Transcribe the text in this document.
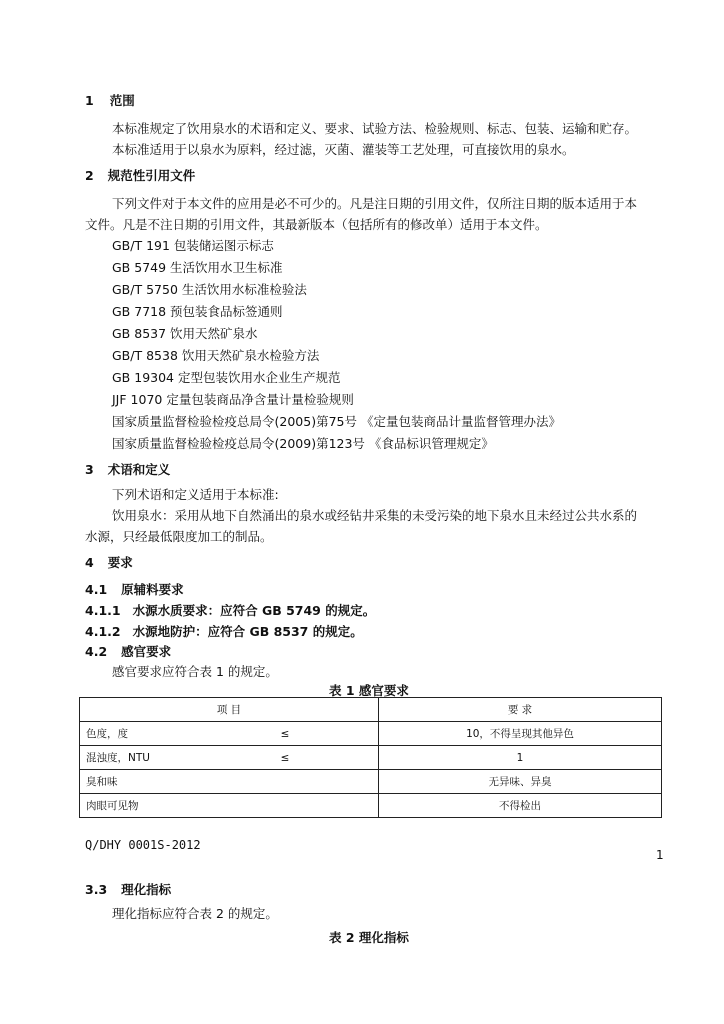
1 范围
本标准规定了饮用泉水的术语和定义、要求、试验方法、检验规则、标志、包装、运输和贮存。
本标准适用于以泉水为原料，经过滤，灭菌、灌装等工艺处理，可直接饮用的泉水。
2 规范性引用文件
下列文件对于本文件的应用是必不可少的。凡是注日期的引用文件，仅所注日期的版本适用于本
文件。凡是不注日期的引用文件，其最新版本（包括所有的修改单）适用于本文件。
GB/T 191 包装储运图示标志
GB 5749 生活饮用水卫生标准
GB/T 5750 生活饮用水标准检验法
GB 7718 预包装食品标签通则
GB 8537 饮用天然矿泉水
GB/T 8538 饮用天然矿泉水检验方法
GB 19304 定型包装饮用水企业生产规范
JJF 1070 定量包装商品净含量计量检验规则
国家质量监督检验检疫总局令(2005)第75号 《定量包装商品计量监督管理办法》
国家质量监督检验检疫总局令(2009)第123号 《食品标识管理规定》
3 术语和定义
下列术语和定义适用于本标准:
饮用泉水：采用从地下自然涌出的泉水或经钻井采集的未受污染的地下泉水且未经过公共水系的
水源，只经最低限度加工的制品。
4 要求
4.1 原辅料要求
4.1.1 水源水质要求：应符合 GB 5749 的规定。
4.1.2 水源地防护：应符合 GB 8537 的规定。
4.2 感官要求
感官要求应符合表 1 的规定。
表 1 感官要求
项 目		要 求
色度，度	≤	10，不得呈现其他异色
混浊度，NTU	≤	1
臭和味		无异味、异臭
肉眼可见物		不得检出
Q/DHY 0001S-2012
1
3.3 理化指标
理化指标应符合表 2 的规定。
表 2 理化指标
